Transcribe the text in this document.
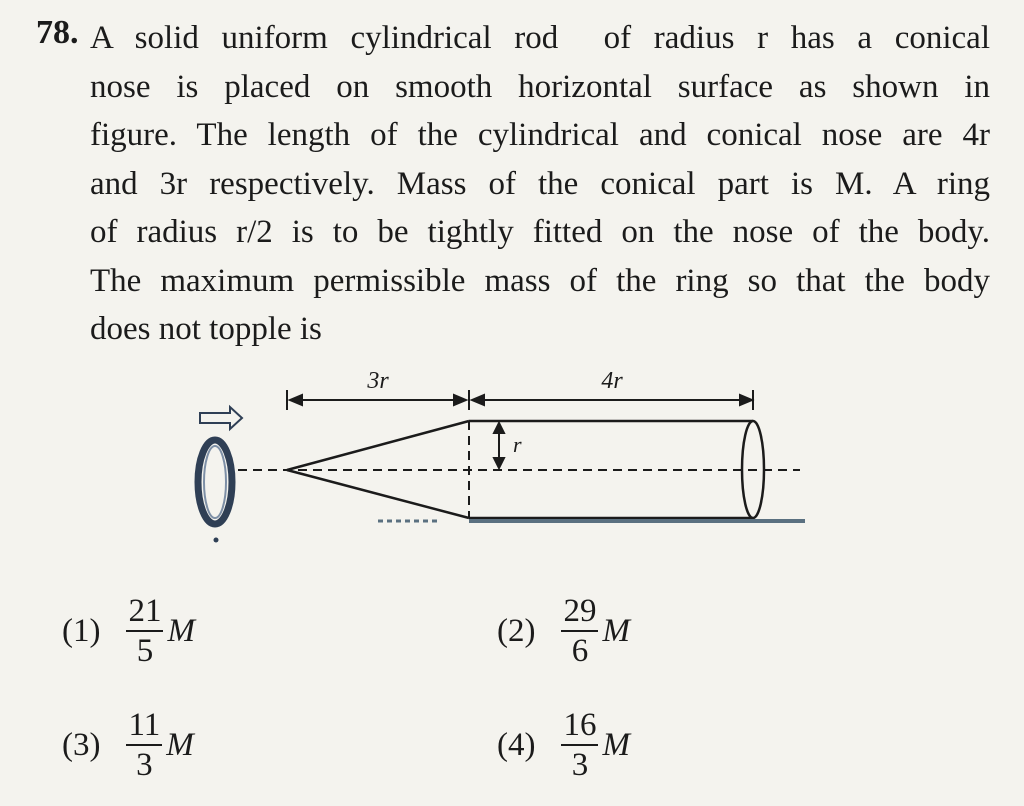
78. A solid uniform cylindrical rod  of radius r has a conical
nose is placed on smooth horizontal surface as shown in
figure. The length of the cylindrical and conical nose are 4r
and 3r respectively. Mass of the conical part is M. A ring
of radius r/2 is to be tightly fitted on the nose of the body.
The maximum permissible mass of the ring so that the body
does not topple is
3r	4r
r
$(1) \frac{21}{5}$ M	$(2) \frac{29}{6}$ M
$(3) \frac{11}{3}$ M	$(4) \frac{16}{3}$ M
